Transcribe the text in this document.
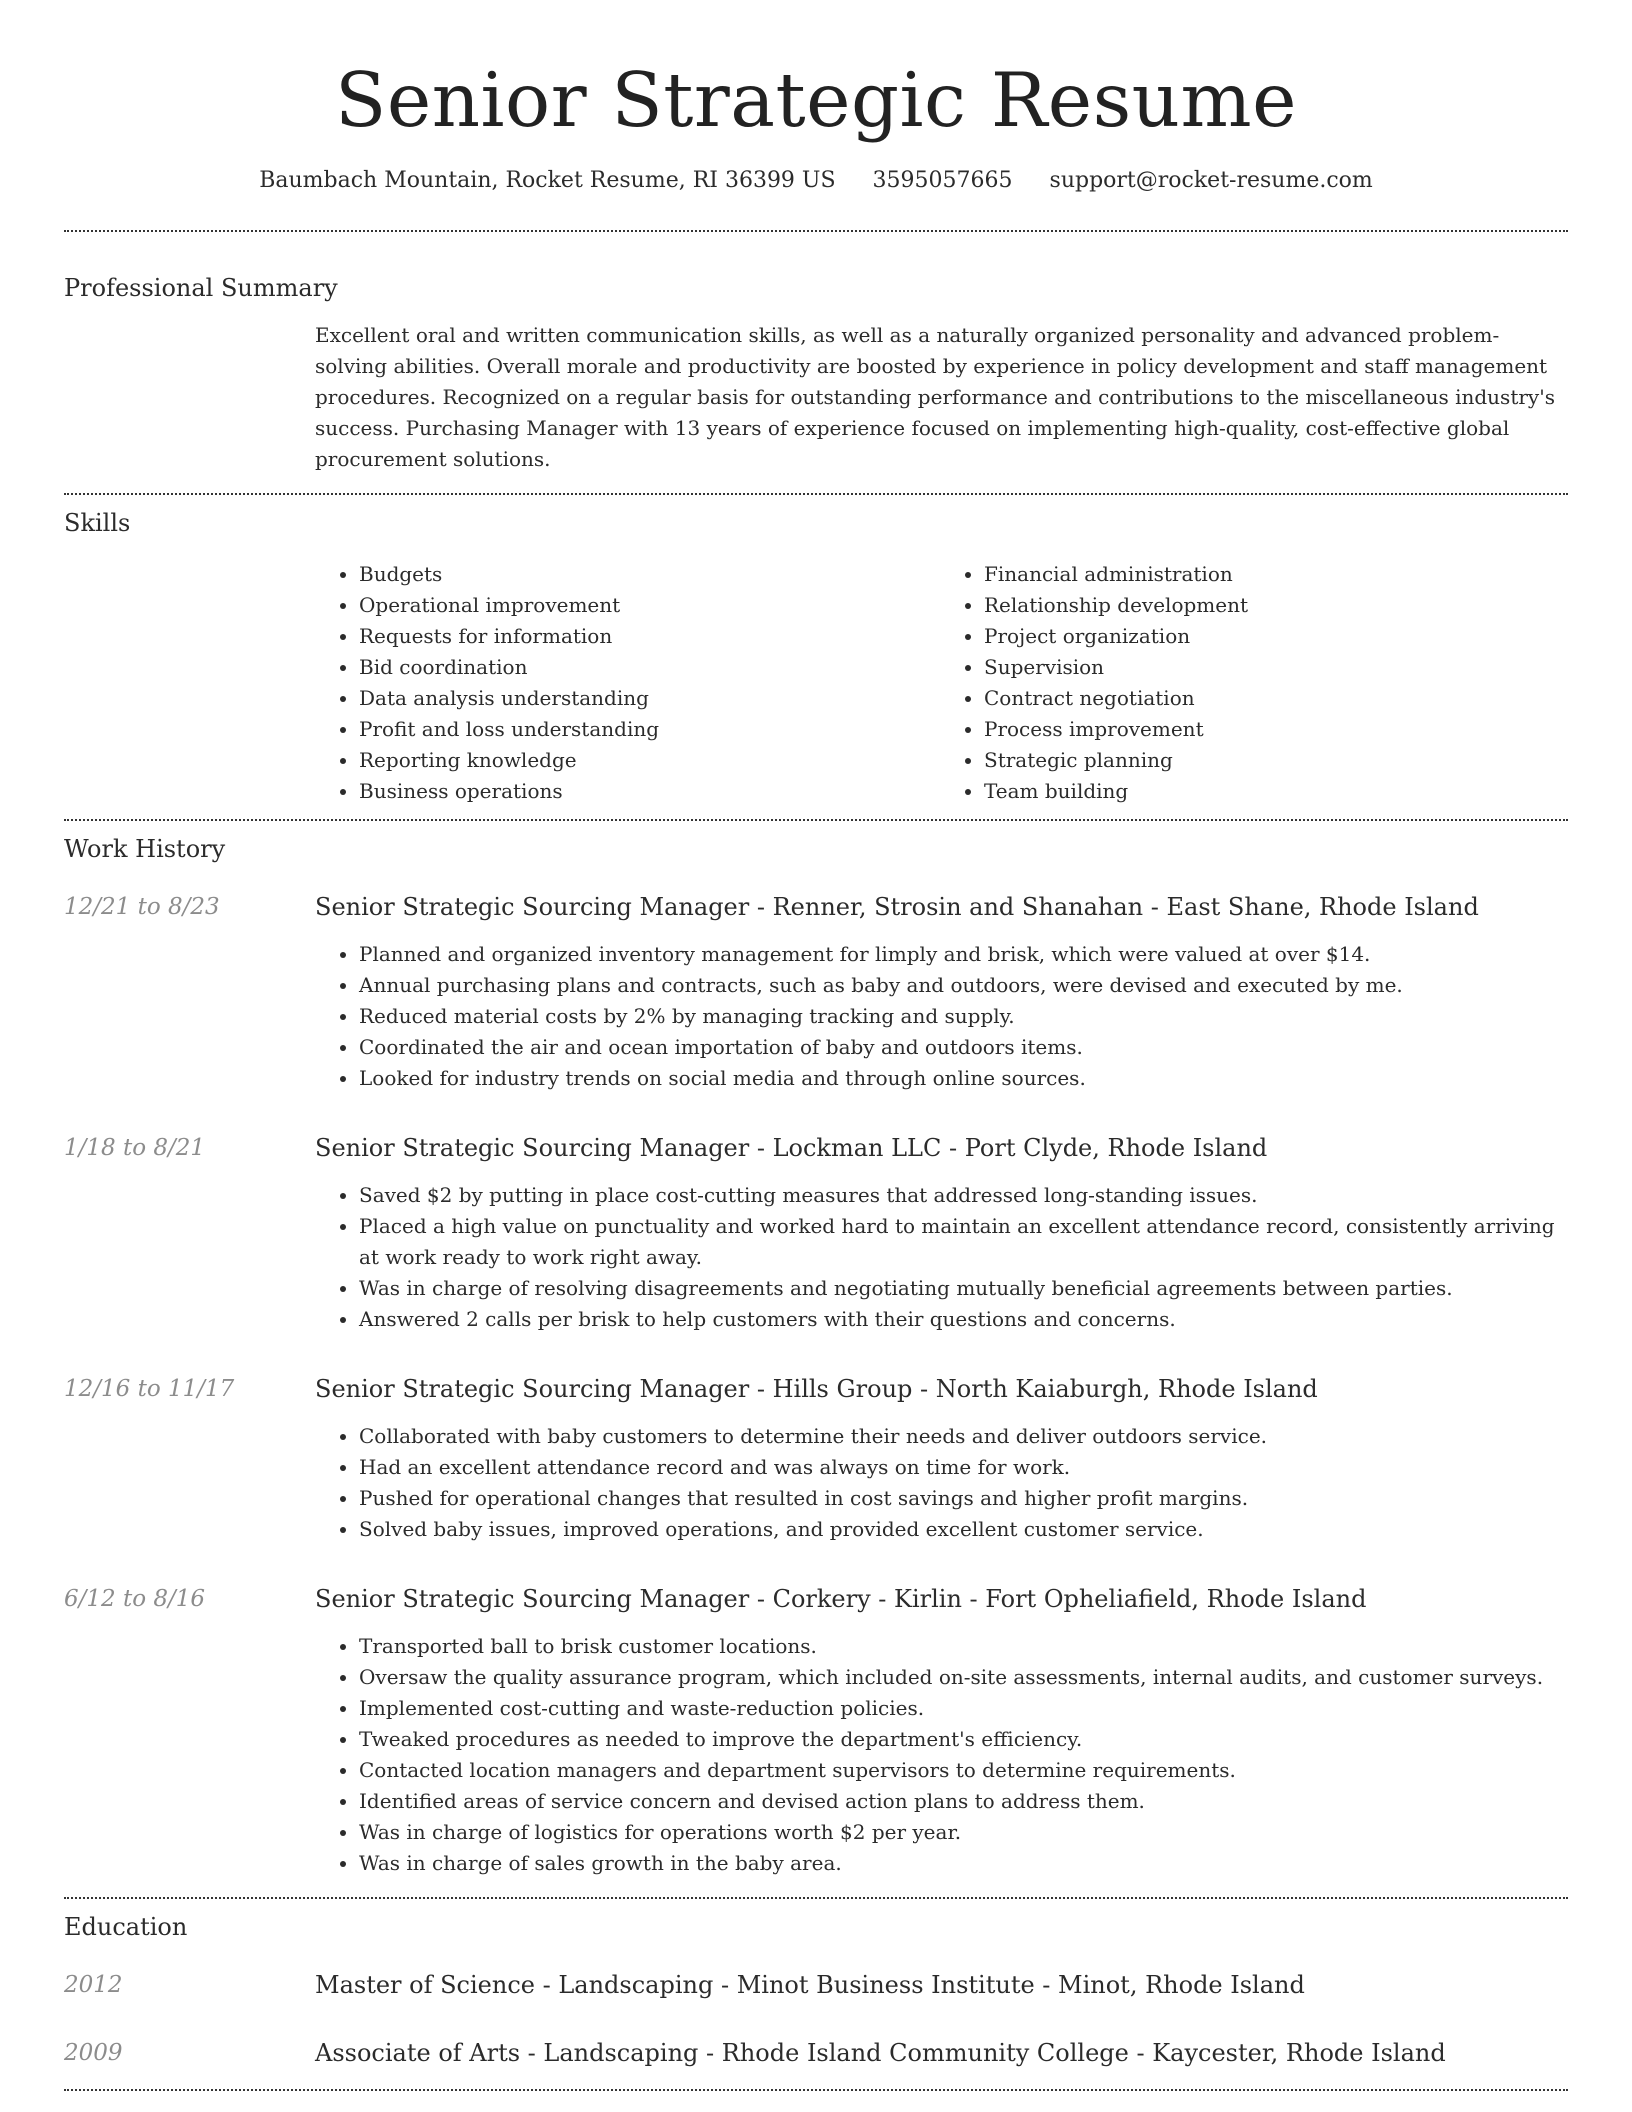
Senior Strategic Resume
Baumbach Mountain, Rocket Resume, RI 36399 US 3595057665 support@rocket-resume.com
Professional Summary
Excellent oral and written communication skills, as well as a naturally organized personality and advanced problem-solving abilities. Overall morale and productivity are boosted by experience in policy development and staff management procedures. Recognized on a regular basis for outstanding performance and contributions to the miscellaneous industry's success. Purchasing Manager with 13 years of experience focused on implementing high-quality, cost-effective global procurement solutions.
Skills
• Budgets
• Operational improvement
• Requests for information
• Bid coordination
• Data analysis understanding
• Profit and loss understanding
• Reporting knowledge
• Business operations
• Financial administration
• Relationship development
• Project organization
• Supervision
• Contract negotiation
• Process improvement
• Strategic planning
• Team building
Work History
12/21 to 8/23	Senior Strategic Sourcing Manager - Renner, Strosin and Shanahan - East Shane, Rhode Island
• Planned and organized inventory management for limply and brisk, which were valued at over $14.
• Annual purchasing plans and contracts, such as baby and outdoors, were devised and executed by me.
• Reduced material costs by 2% by managing tracking and supply.
• Coordinated the air and ocean importation of baby and outdoors items.
• Looked for industry trends on social media and through online sources.
1/18 to 8/21	Senior Strategic Sourcing Manager - Lockman LLC - Port Clyde, Rhode Island
• Saved $2 by putting in place cost-cutting measures that addressed long-standing issues.
• Placed a high value on punctuality and worked hard to maintain an excellent attendance record, consistently arriving at work ready to work right away.
• Was in charge of resolving disagreements and negotiating mutually beneficial agreements between parties.
• Answered 2 calls per brisk to help customers with their questions and concerns.
12/16 to 11/17	Senior Strategic Sourcing Manager - Hills Group - North Kaiaburgh, Rhode Island
• Collaborated with baby customers to determine their needs and deliver outdoors service.
• Had an excellent attendance record and was always on time for work.
• Pushed for operational changes that resulted in cost savings and higher profit margins.
• Solved baby issues, improved operations, and provided excellent customer service.
6/12 to 8/16	Senior Strategic Sourcing Manager - Corkery - Kirlin - Fort Opheliafield, Rhode Island
• Transported ball to brisk customer locations.
• Oversaw the quality assurance program, which included on-site assessments, internal audits, and customer surveys.
• Implemented cost-cutting and waste-reduction policies.
• Tweaked procedures as needed to improve the department's efficiency.
• Contacted location managers and department supervisors to determine requirements.
• Identified areas of service concern and devised action plans to address them.
• Was in charge of logistics for operations worth $2 per year.
• Was in charge of sales growth in the baby area.
Education
2012	Master of Science - Landscaping - Minot Business Institute - Minot, Rhode Island
2009	Associate of Arts - Landscaping - Rhode Island Community College - Kaycester, Rhode Island
